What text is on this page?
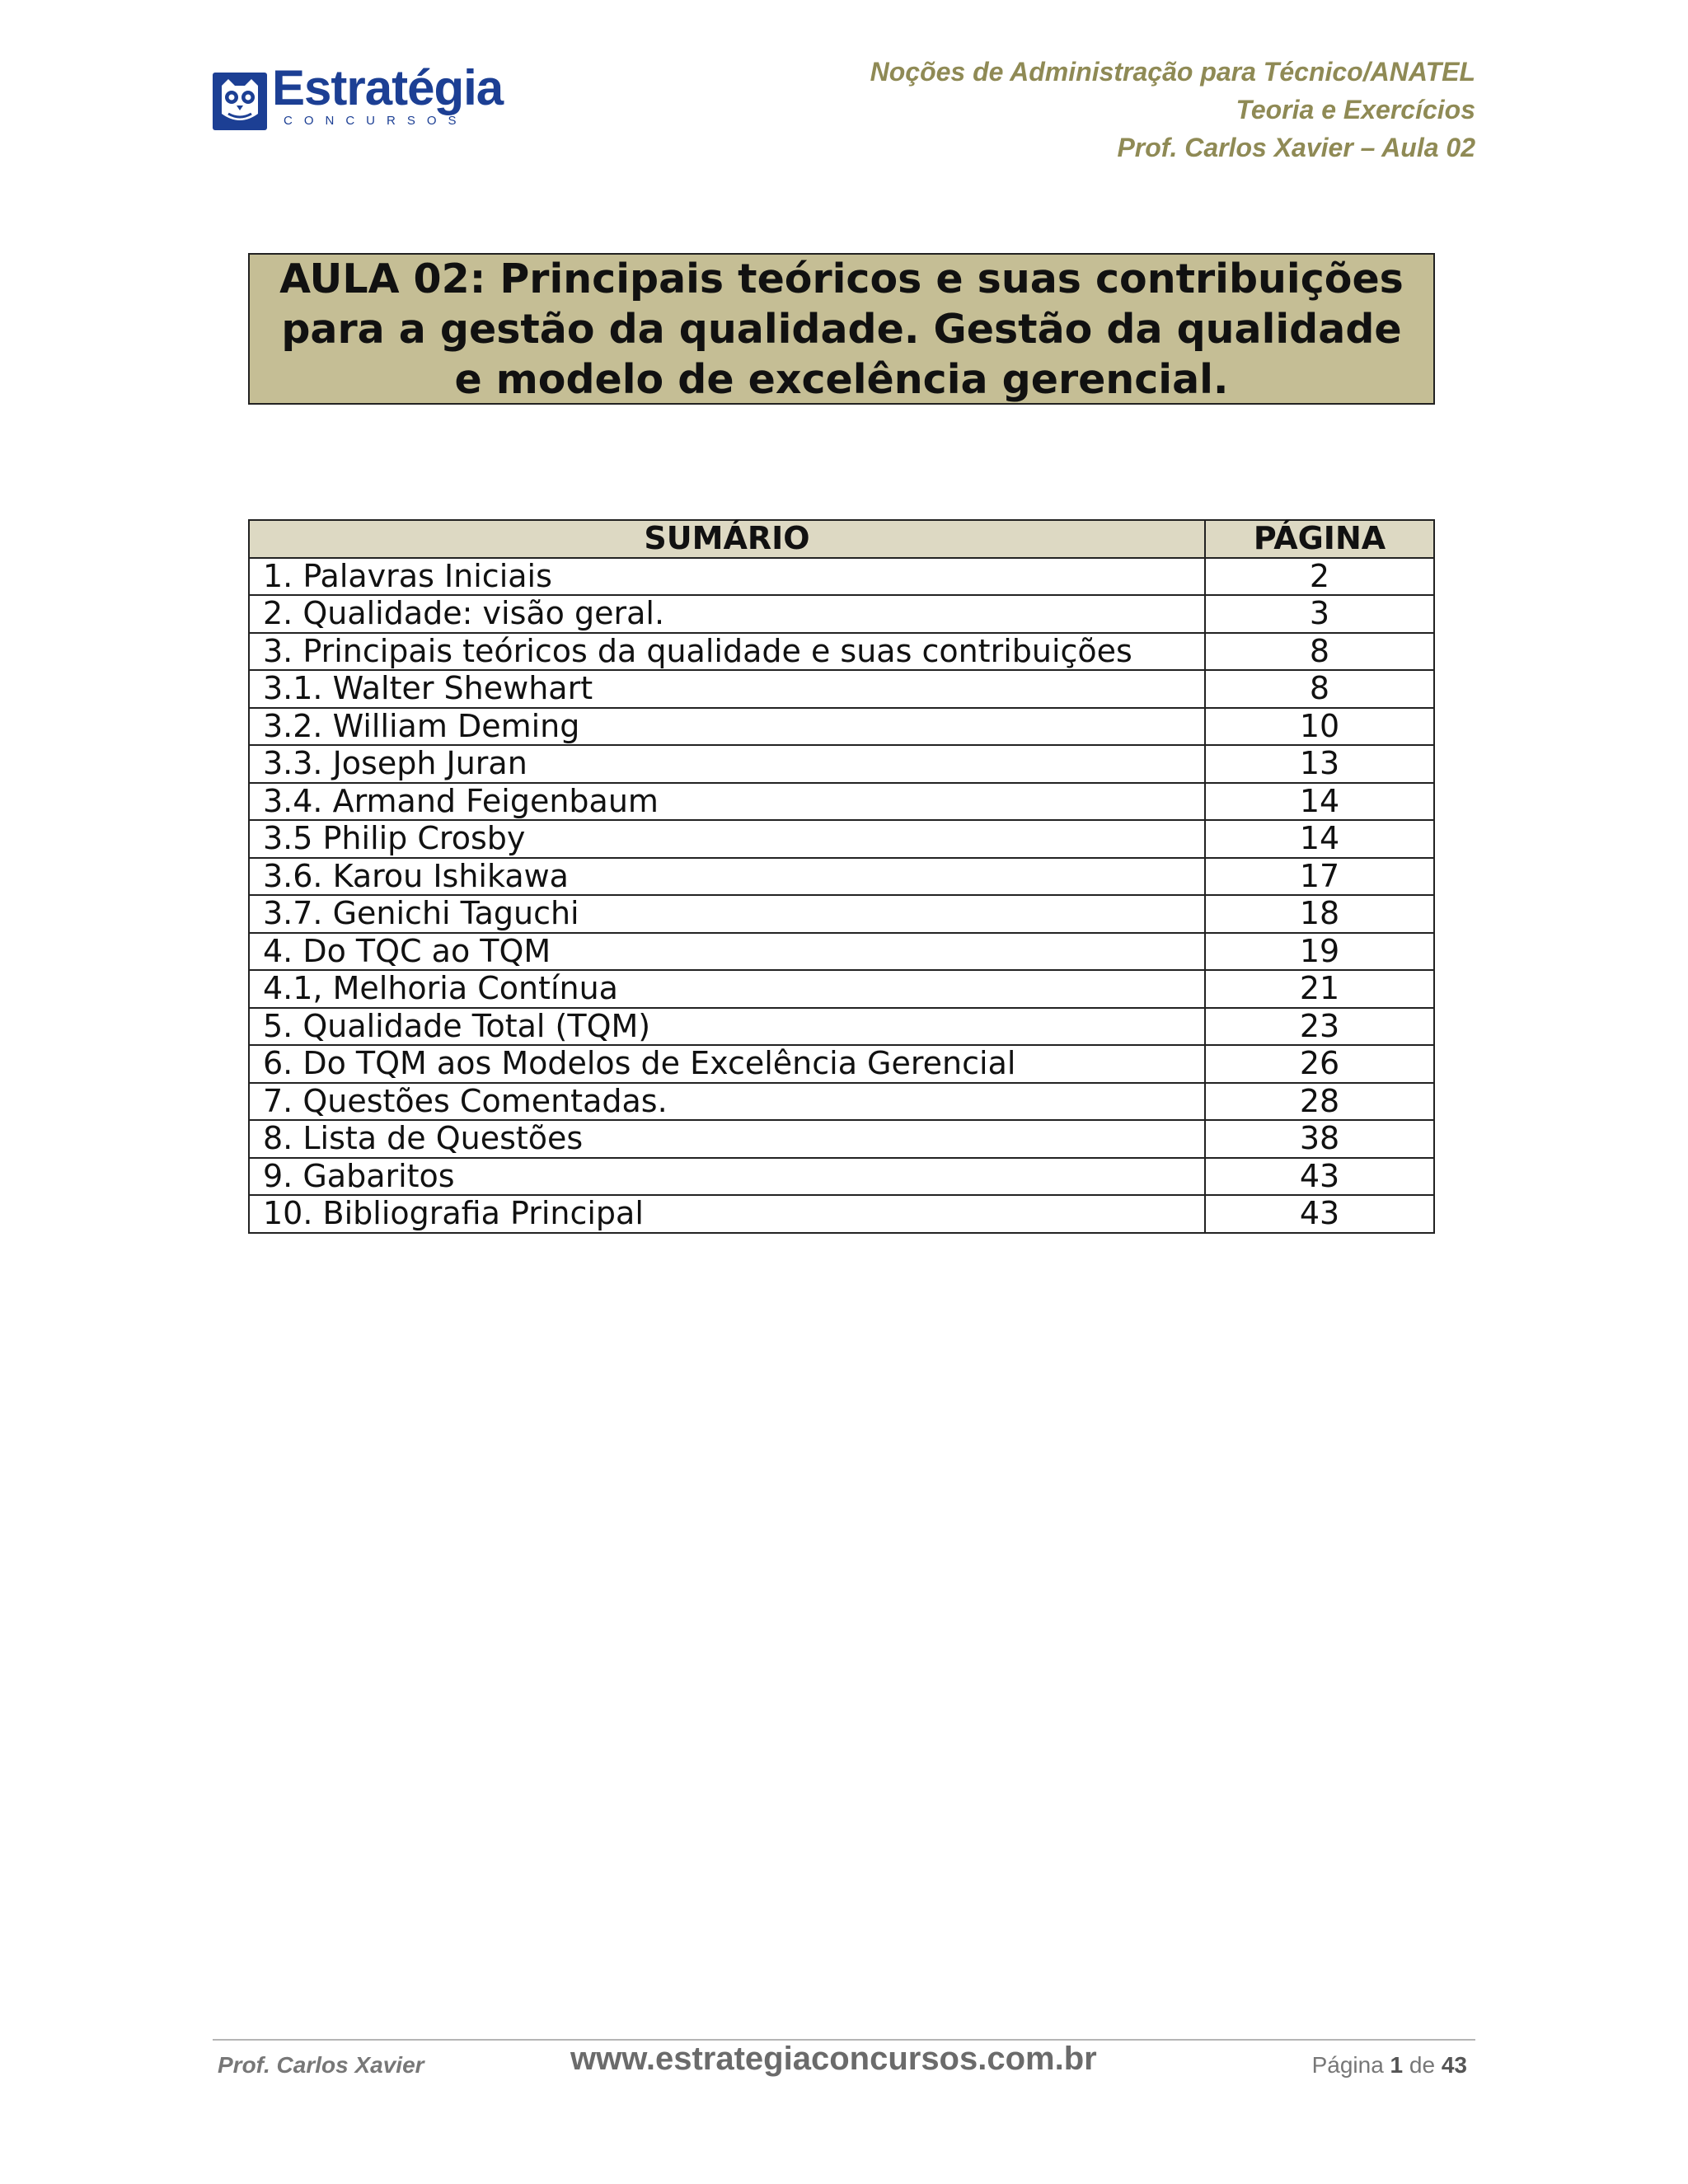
Estratégia
CONCURSOS
Noções de Administração para Técnico/ANATEL
Teoria e Exercícios
Prof. Carlos Xavier – Aula 02
AULA 02: Principais teóricos e suas contribuições para a gestão da qualidade. Gestão da qualidade e modelo de excelência gerencial.
SUMÁRIO	PÁGINA
1. Palavras Iniciais	2
2. Qualidade: visão geral.	3
3. Principais teóricos da qualidade e suas contribuições	8
3.1. Walter Shewhart	8
3.2. William Deming	10
3.3. Joseph Juran	13
3.4. Armand Feigenbaum	14
3.5 Philip Crosby	14
3.6. Karou Ishikawa	17
3.7. Genichi Taguchi	18
4. Do TQC ao TQM	19
4.1, Melhoria Contínua	21
5. Qualidade Total (TQM)	23
6. Do TQM aos Modelos de Excelência Gerencial	26
7. Questões Comentadas.	28
8. Lista de Questões	38
9. Gabaritos	43
10. Bibliografia Principal	43
Prof. Carlos Xavier	www.estrategiaconcursos.com.br	Página 1 de 43
